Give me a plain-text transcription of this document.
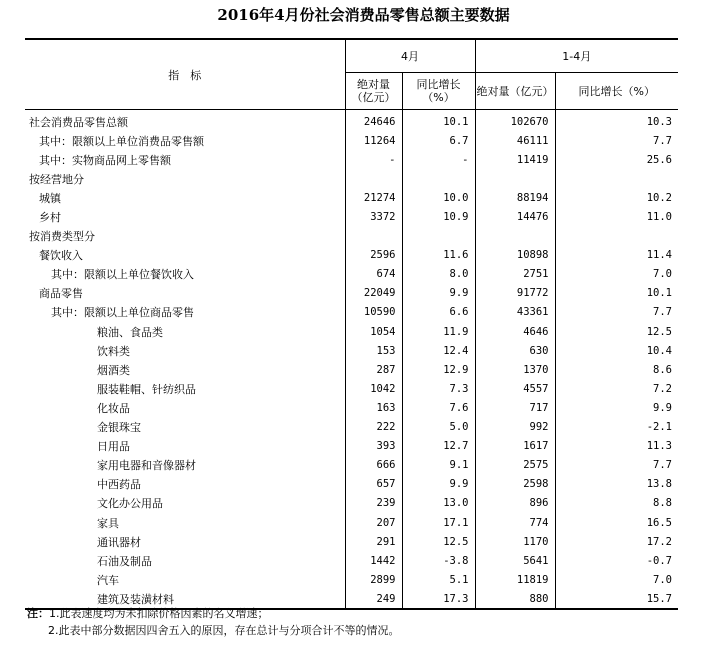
2016年4月份社会消费品零售总额主要数据
指　标	4月		1-4月	
	绝对量（亿元）	同比增长（%）	绝对量（亿元）	同比增长（%）
社会消费品零售总额	24646	10.1	102670	10.3
其中：限额以上单位消费品零售额	11264	6.7	46111	7.7
其中：实物商品网上零售额	-	-	11419	25.6
按经营地分				
城镇	21274	10.0	88194	10.2
乡村	3372	10.9	14476	11.0
按消费类型分				
餐饮收入	2596	11.6	10898	11.4
其中：限额以上单位餐饮收入	674	8.0	2751	7.0
商品零售	22049	9.9	91772	10.1
其中：限额以上单位商品零售	10590	6.6	43361	7.7
粮油、食品类	1054	11.9	4646	12.5
饮料类	153	12.4	630	10.4
烟酒类	287	12.9	1370	8.6
服装鞋帽、针纺织品	1042	7.3	4557	7.2
化妆品	163	7.6	717	9.9
金银珠宝	222	5.0	992	-2.1
日用品	393	12.7	1617	11.3
家用电器和音像器材	666	9.1	2575	7.7
中西药品	657	9.9	2598	13.8
文化办公用品	239	13.0	896	8.8
家具	207	17.1	774	16.5
通讯器材	291	12.5	1170	17.2
石油及制品	1442	-3.8	5641	-0.7
汽车	2899	5.1	11819	7.0
建筑及装潢材料	249	17.3	880	15.7
注：1.此表速度均为未扣除价格因素的名义增速；
2.此表中部分数据因四舍五入的原因，存在总计与分项合计不等的情况。
